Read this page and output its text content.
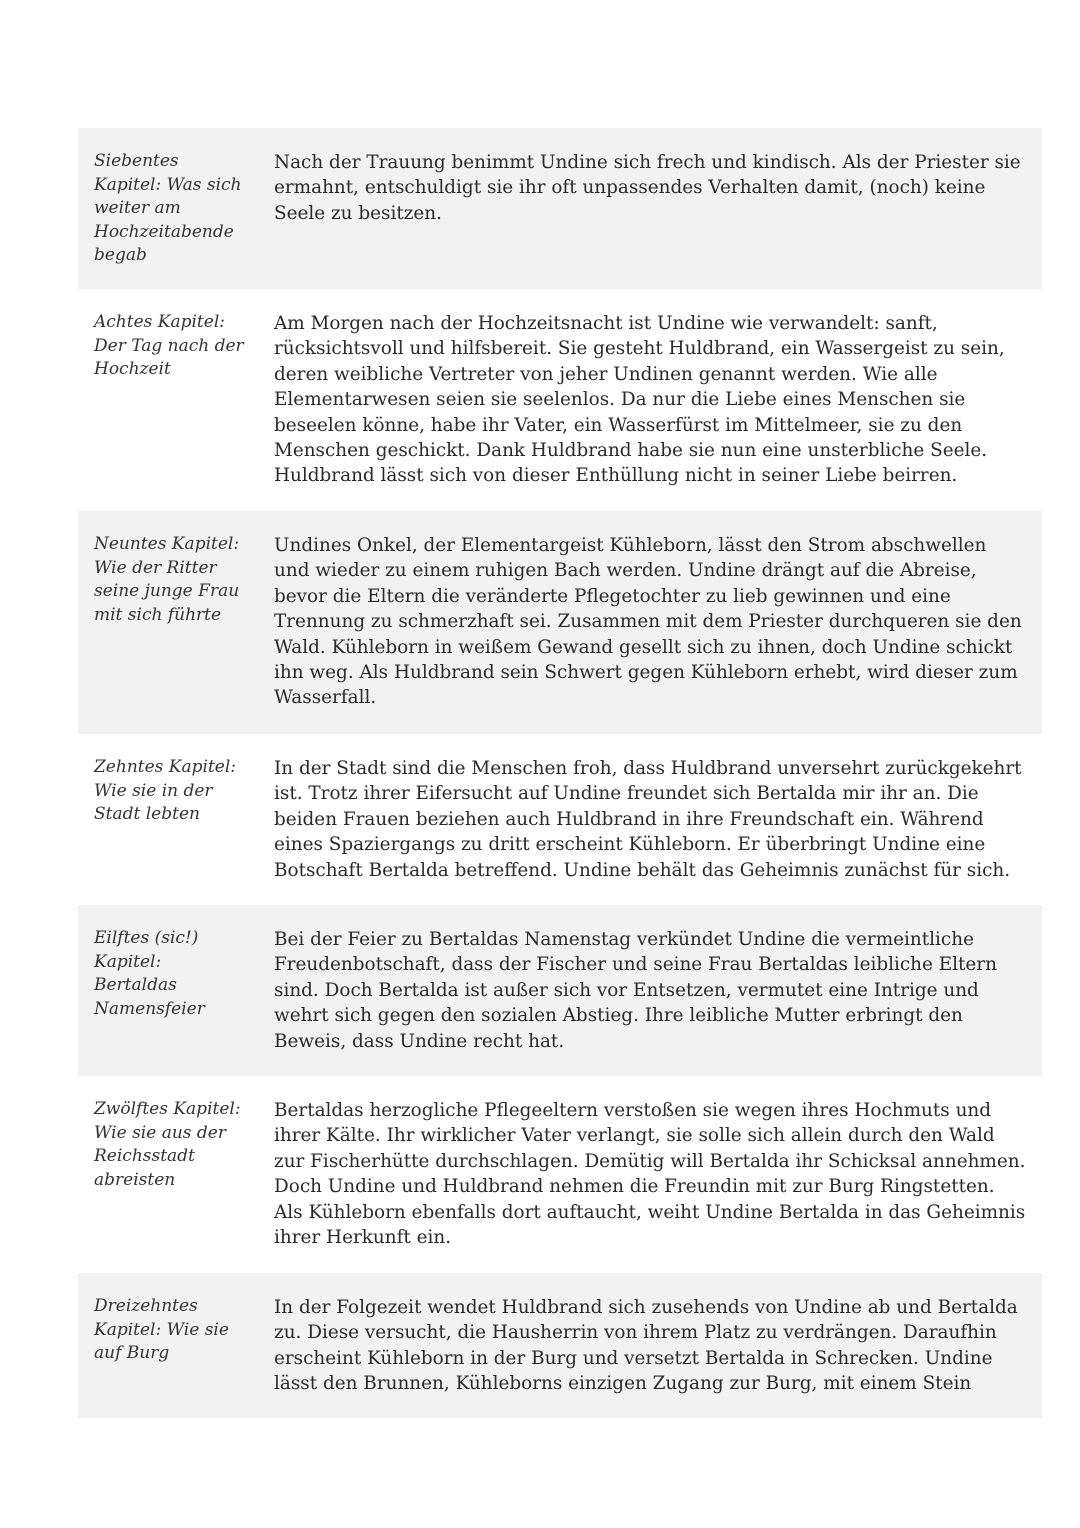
Siebentes Kapitel: Was sich weiter am Hochzeitabende begab
Nach der Trauung benimmt Undine sich frech und kindisch. Als der Priester sie ermahnt, entschuldigt sie ihr oft unpassendes Verhalten damit, (noch) keine Seele zu besitzen.
Achtes Kapitel: Der Tag nach der Hochzeit
Am Morgen nach der Hochzeitsnacht ist Undine wie verwandelt: sanft, rücksichtsvoll und hilfsbereit. Sie gesteht Huldbrand, ein Wassergeist zu sein, deren weibliche Vertreter von jeher Undinen genannt werden. Wie alle Elementarwesen seien sie seelenlos. Da nur die Liebe eines Menschen sie beseelen könne, habe ihr Vater, ein Wasserfürst im Mittelmeer, sie zu den Menschen geschickt. Dank Huldbrand habe sie nun eine unsterbliche Seele. Huldbrand lässt sich von dieser Enthüllung nicht in seiner Liebe beirren.
Neuntes Kapitel: Wie der Ritter seine junge Frau mit sich führte
Undines Onkel, der Elementargeist Kühleborn, lässt den Strom abschwellen und wieder zu einem ruhigen Bach werden. Undine drängt auf die Abreise, bevor die Eltern die veränderte Pflegetochter zu lieb gewinnen und eine Trennung zu schmerzhaft sei. Zusammen mit dem Priester durchqueren sie den Wald. Kühleborn in weißem Gewand gesellt sich zu ihnen, doch Undine schickt ihn weg. Als Huldbrand sein Schwert gegen Kühleborn erhebt, wird dieser zum Wasserfall.
Zehntes Kapitel: Wie sie in der Stadt lebten
In der Stadt sind die Menschen froh, dass Huldbrand unversehrt zurückgekehrt ist. Trotz ihrer Eifersucht auf Undine freundet sich Bertalda mir ihr an. Die beiden Frauen beziehen auch Huldbrand in ihre Freundschaft ein. Während eines Spaziergangs zu dritt erscheint Kühleborn. Er überbringt Undine eine Botschaft Bertalda betreffend. Undine behält das Geheimnis zunächst für sich.
Eilftes (sic!) Kapitel: Bertaldas Namensfeier
Bei der Feier zu Bertaldas Namenstag verkündet Undine die vermeintliche Freudenbotschaft, dass der Fischer und seine Frau Bertaldas leibliche Eltern sind. Doch Bertalda ist außer sich vor Entsetzen, vermutet eine Intrige und wehrt sich gegen den sozialen Abstieg. Ihre leibliche Mutter erbringt den Beweis, dass Undine recht hat.
Zwölftes Kapitel: Wie sie aus der Reichsstadt abreisten
Bertaldas herzogliche Pflegeeltern verstoßen sie wegen ihres Hochmuts und ihrer Kälte. Ihr wirklicher Vater verlangt, sie solle sich allein durch den Wald zur Fischerhütte durchschlagen. Demütig will Bertalda ihr Schicksal annehmen. Doch Undine und Huldbrand nehmen die Freundin mit zur Burg Ringstetten. Als Kühleborn ebenfalls dort auftaucht, weiht Undine Bertalda in das Geheimnis ihrer Herkunft ein.
Dreizehntes Kapitel: Wie sie auf Burg
In der Folgezeit wendet Huldbrand sich zusehends von Undine ab und Bertalda zu. Diese versucht, die Hausherrin von ihrem Platz zu verdrängen. Daraufhin erscheint Kühleborn in der Burg und versetzt Bertalda in Schrecken. Undine lässt den Brunnen, Kühleborns einzigen Zugang zur Burg, mit einem Stein
